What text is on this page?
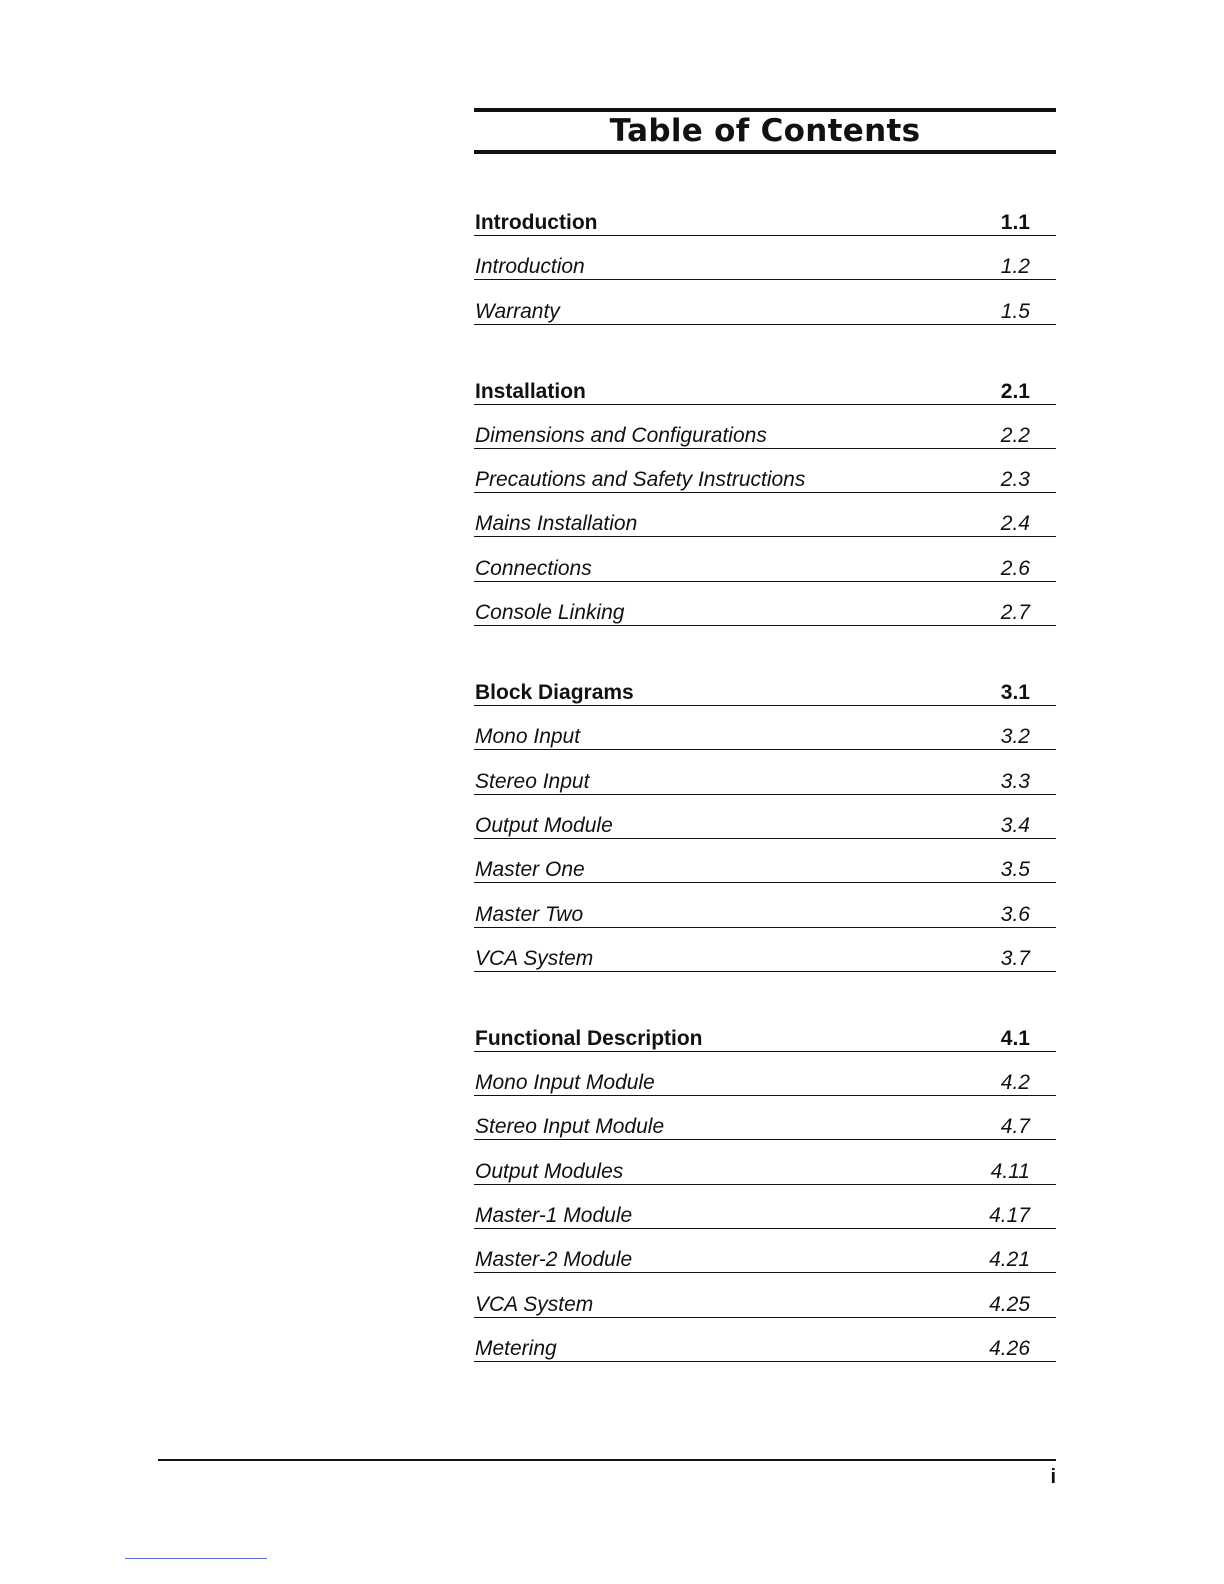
Table of Contents
Introduction	1.1
Introduction	1.2
Warranty	1.5
Installation	2.1
Dimensions and Configurations	2.2
Precautions and Safety Instructions	2.3
Mains Installation	2.4
Connections	2.6
Console Linking	2.7
Block Diagrams	3.1
Mono Input	3.2
Stereo Input	3.3
Output Module	3.4
Master One	3.5
Master Two	3.6
VCA System	3.7
Functional Description	4.1
Mono Input Module	4.2
Stereo Input Module	4.7
Output Modules	4.11
Master-1 Module	4.17
Master-2 Module	4.21
VCA System	4.25
Metering	4.26
i
